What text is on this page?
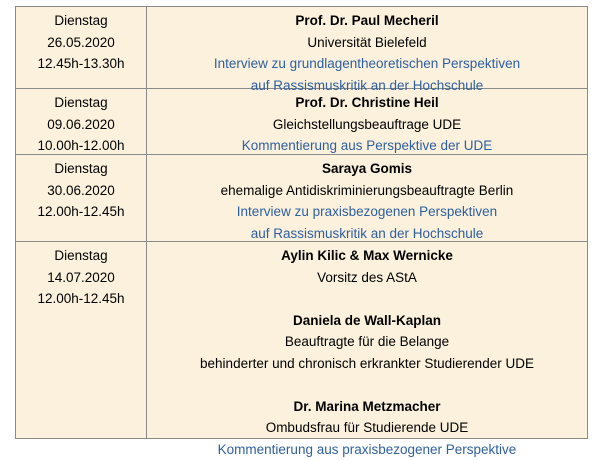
Dienstag
26.05.2020
12.45h-13.30h
Prof. Dr. Paul Mecheril
Universität Bielefeld
Interview zu grundlagentheoretischen Perspektiven
auf Rassismuskritik an der Hochschule
Dienstag
09.06.2020
10.00h-12.00h
Prof. Dr. Christine Heil
Gleichstellungsbeauftrage UDE
Kommentierung aus Perspektive der UDE
Dienstag
30.06.2020
12.00h-12.45h
Saraya Gomis
ehemalige Antidiskriminierungsbeauftragte Berlin
Interview zu praxisbezogenen Perspektiven
auf Rassismuskritik an der Hochschule
Dienstag
14.07.2020
12.00h-12.45h
Aylin Kilic & Max Wernicke
Vorsitz des AStA
Daniela de Wall-Kaplan
Beauftragte für die Belange
behinderter und chronisch erkrankter Studierender UDE
Dr. Marina Metzmacher
Ombudsfrau für Studierende UDE
Kommentierung aus praxisbezogener Perspektive
